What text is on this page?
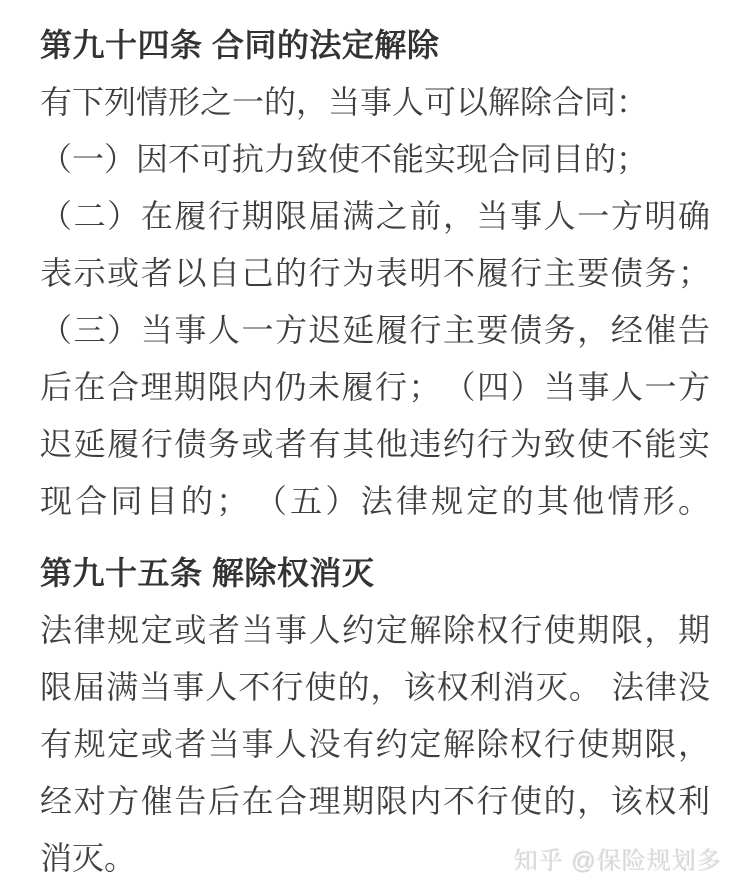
第九十四条 合同的法定解除

有下列情形之一的，当事人可以解除合同：

（一）因不可抗力致使不能实现合同目的；

（二）在履行期限届满之前，当事人一方明确
表示或者以自己的行为表明不履行主要债务；

（三）当事人一方迟延履行主要债务，经催告
后在合理期限内仍未履行；　（四）当事人一方
迟延履行债务或者有其他违约行为致使不能实
现合同目的；　（五）法律规定的其他情形。

第九十五条 解除权消灭

法律规定或者当事人约定解除权行使期限，期
限届满当事人不行使的，该权利消灭。 法律没
有规定或者当事人没有约定解除权行使期限，
经对方催告后在合理期限内不行使的，该权利
消灭。	知乎 @保险规划多
